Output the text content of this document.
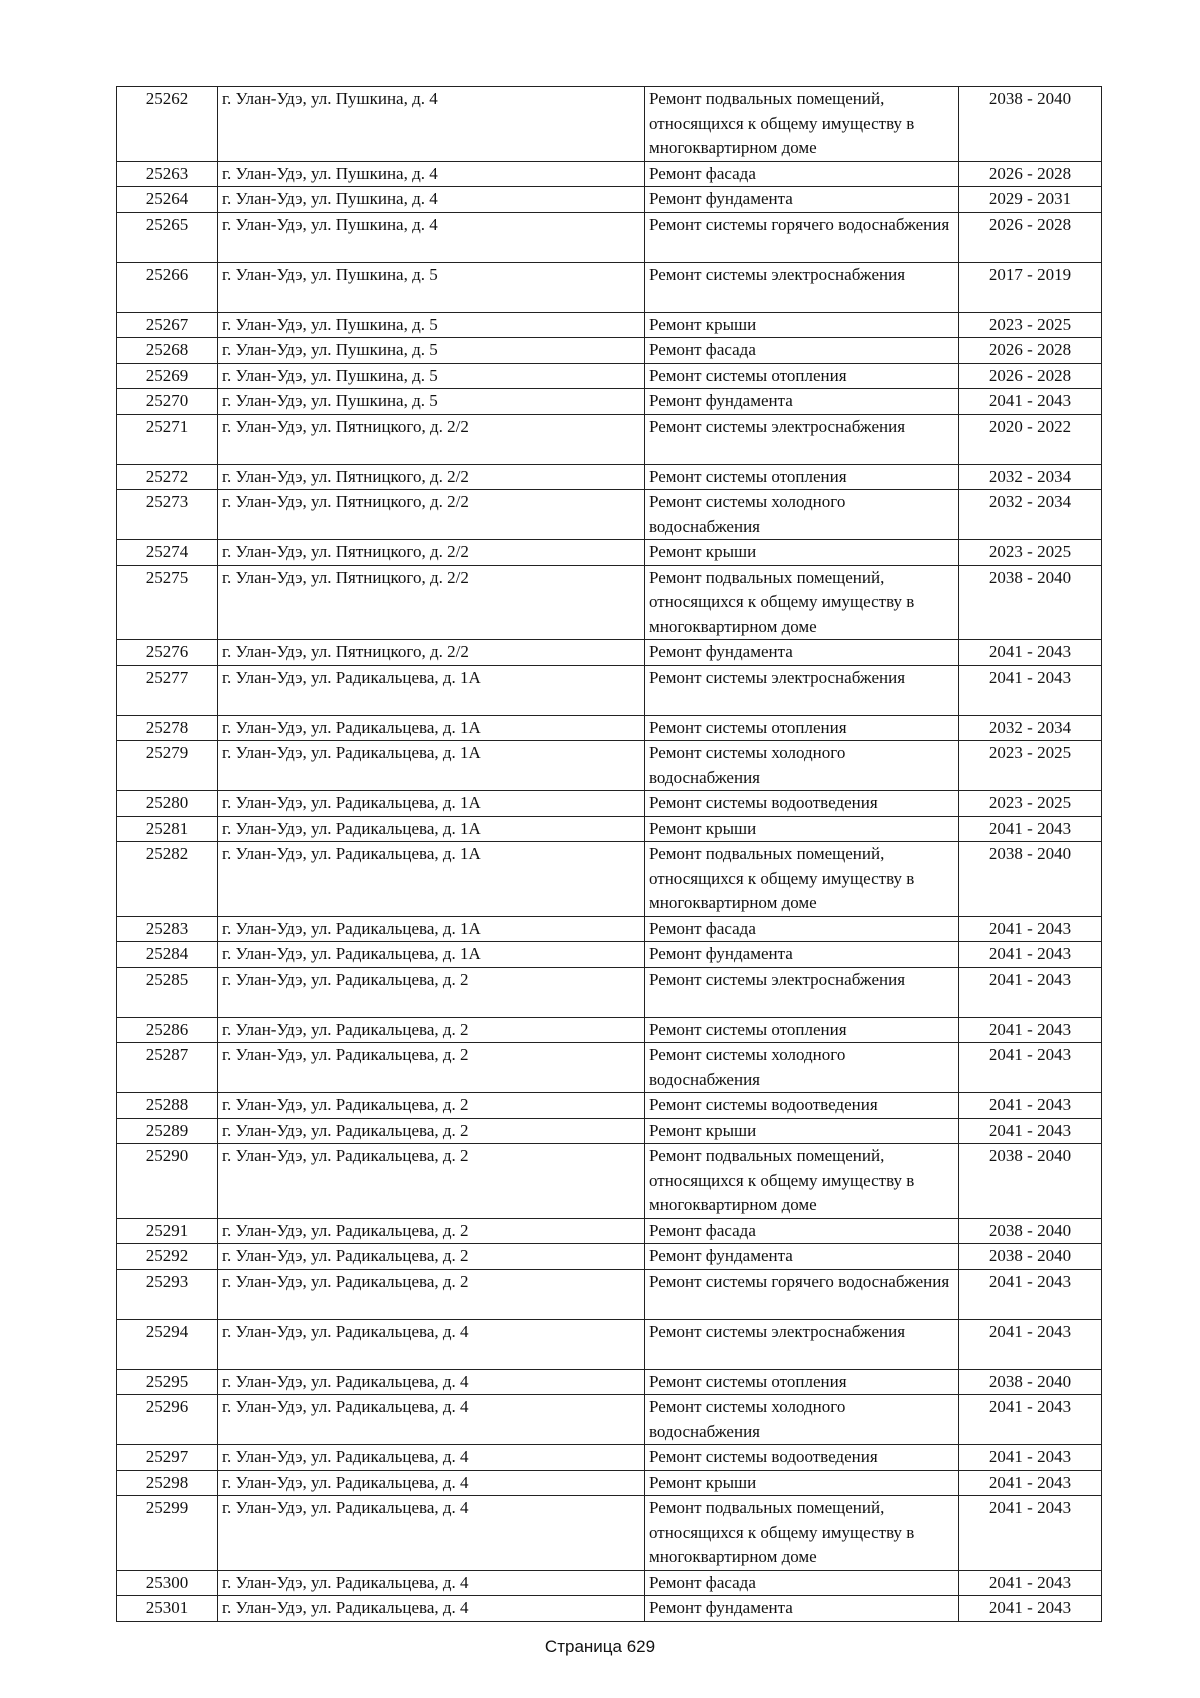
25262	г. Улан-Удэ, ул. Пушкина, д. 4	Ремонт подвальных помещений, относящихся к общему имуществу в многоквартирном доме	2038 - 2040
25263	г. Улан-Удэ, ул. Пушкина, д. 4	Ремонт фасада	2026 - 2028
25264	г. Улан-Удэ, ул. Пушкина, д. 4	Ремонт фундамента	2029 - 2031
25265	г. Улан-Удэ, ул. Пушкина, д. 4	Ремонт системы горячего водоснабжения	2026 - 2028
25266	г. Улан-Удэ, ул. Пушкина, д. 5	Ремонт системы электроснабжения	2017 - 2019
25267	г. Улан-Удэ, ул. Пушкина, д. 5	Ремонт крыши	2023 - 2025
25268	г. Улан-Удэ, ул. Пушкина, д. 5	Ремонт фасада	2026 - 2028
25269	г. Улан-Удэ, ул. Пушкина, д. 5	Ремонт системы отопления	2026 - 2028
25270	г. Улан-Удэ, ул. Пушкина, д. 5	Ремонт фундамента	2041 - 2043
25271	г. Улан-Удэ, ул. Пятницкого, д. 2/2	Ремонт системы электроснабжения	2020 - 2022
25272	г. Улан-Удэ, ул. Пятницкого, д. 2/2	Ремонт системы отопления	2032 - 2034
25273	г. Улан-Удэ, ул. Пятницкого, д. 2/2	Ремонт системы холодного водоснабжения	2032 - 2034
25274	г. Улан-Удэ, ул. Пятницкого, д. 2/2	Ремонт крыши	2023 - 2025
25275	г. Улан-Удэ, ул. Пятницкого, д. 2/2	Ремонт подвальных помещений, относящихся к общему имуществу в многоквартирном доме	2038 - 2040
25276	г. Улан-Удэ, ул. Пятницкого, д. 2/2	Ремонт фундамента	2041 - 2043
25277	г. Улан-Удэ, ул. Радикальцева, д. 1А	Ремонт системы электроснабжения	2041 - 2043
25278	г. Улан-Удэ, ул. Радикальцева, д. 1А	Ремонт системы отопления	2032 - 2034
25279	г. Улан-Удэ, ул. Радикальцева, д. 1А	Ремонт системы холодного водоснабжения	2023 - 2025
25280	г. Улан-Удэ, ул. Радикальцева, д. 1А	Ремонт системы водоотведения	2023 - 2025
25281	г. Улан-Удэ, ул. Радикальцева, д. 1А	Ремонт крыши	2041 - 2043
25282	г. Улан-Удэ, ул. Радикальцева, д. 1А	Ремонт подвальных помещений, относящихся к общему имуществу в многоквартирном доме	2038 - 2040
25283	г. Улан-Удэ, ул. Радикальцева, д. 1А	Ремонт фасада	2041 - 2043
25284	г. Улан-Удэ, ул. Радикальцева, д. 1А	Ремонт фундамента	2041 - 2043
25285	г. Улан-Удэ, ул. Радикальцева, д. 2	Ремонт системы электроснабжения	2041 - 2043
25286	г. Улан-Удэ, ул. Радикальцева, д. 2	Ремонт системы отопления	2041 - 2043
25287	г. Улан-Удэ, ул. Радикальцева, д. 2	Ремонт системы холодного водоснабжения	2041 - 2043
25288	г. Улан-Удэ, ул. Радикальцева, д. 2	Ремонт системы водоотведения	2041 - 2043
25289	г. Улан-Удэ, ул. Радикальцева, д. 2	Ремонт крыши	2041 - 2043
25290	г. Улан-Удэ, ул. Радикальцева, д. 2	Ремонт подвальных помещений, относящихся к общему имуществу в многоквартирном доме	2038 - 2040
25291	г. Улан-Удэ, ул. Радикальцева, д. 2	Ремонт фасада	2038 - 2040
25292	г. Улан-Удэ, ул. Радикальцева, д. 2	Ремонт фундамента	2038 - 2040
25293	г. Улан-Удэ, ул. Радикальцева, д. 2	Ремонт системы горячего водоснабжения	2041 - 2043
25294	г. Улан-Удэ, ул. Радикальцева, д. 4	Ремонт системы электроснабжения	2041 - 2043
25295	г. Улан-Удэ, ул. Радикальцева, д. 4	Ремонт системы отопления	2038 - 2040
25296	г. Улан-Удэ, ул. Радикальцева, д. 4	Ремонт системы холодного водоснабжения	2041 - 2043
25297	г. Улан-Удэ, ул. Радикальцева, д. 4	Ремонт системы водоотведения	2041 - 2043
25298	г. Улан-Удэ, ул. Радикальцева, д. 4	Ремонт крыши	2041 - 2043
25299	г. Улан-Удэ, ул. Радикальцева, д. 4	Ремонт подвальных помещений, относящихся к общему имуществу в многоквартирном доме	2041 - 2043
25300	г. Улан-Удэ, ул. Радикальцева, д. 4	Ремонт фасада	2041 - 2043
25301	г. Улан-Удэ, ул. Радикальцева, д. 4	Ремонт фундамента	2041 - 2043
Страница 629
